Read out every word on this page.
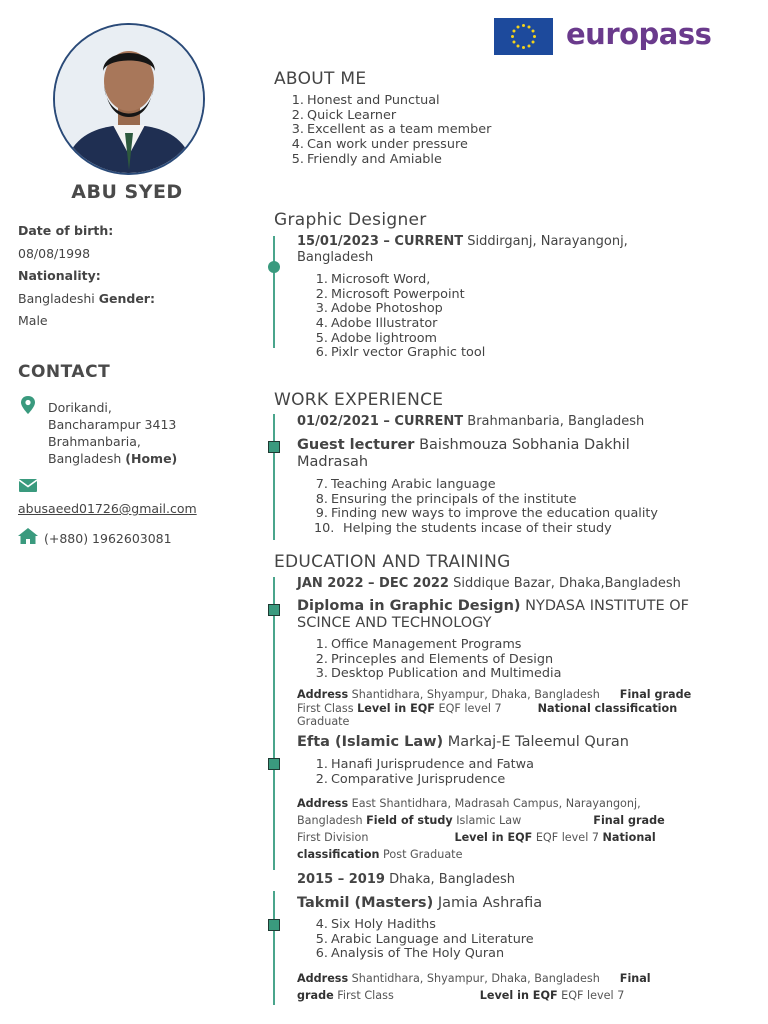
ABU SYED
Date of birth:
08/08/1998
Nationality:
Bangladeshi Gender:
Male
CONTACT
Dorikandi,
Bancharampur 3413
Brahmanbaria,
Bangladesh (Home)
abusaeed01726@gmail.com
(+880) 1962603081
europass
ABOUT ME
1. Honest and Punctual
2. Quick Learner
3. Excellent as a team member
4. Can work under pressure
5. Friendly and Amiable
Graphic Designer
15/01/2023 – CURRENT Siddirganj, Narayangonj,
Bangladesh
1. Microsoft Word,
2. Microsoft Powerpoint
3. Adobe Photoshop
4. Adobe Illustrator
5. Adobe lightroom
6. Pixlr vector Graphic tool
WORK EXPERIENCE
01/02/2021 – CURRENT Brahmanbaria, Bangladesh
Guest lecturer Baishmouza Sobhania Dakhil
Madrasah
7. Teaching Arabic language
8. Ensuring the principals of the institute
9. Finding new ways to improve the education quality
10. Helping the students incase of their study
EDUCATION AND TRAINING
JAN 2022 – DEC 2022 Siddique Bazar, Dhaka,Bangladesh
Diploma in Graphic Design) NYDASA INSTITUTE OF
SCINCE AND TECHNOLOGY
1. Office Management Programs
2. Princeples and Elements of Design
3. Desktop Publication and Multimedia
Address Shantidhara, Shyampur, Dhaka, Bangladesh Final grade
First Class Level in EQF EQF level 7	National classification
Graduate
Efta (Islamic Law) Markaj-E Taleemul Quran
1. Hanafi Jurisprudence and Fatwa
2. Comparative Jurisprudence
Address East Shantidhara, Madrasah Campus, Narayangonj,
Bangladesh Field of study Islamic Law	Final grade
First Division	Level in EQF EQF level 7 National
classification Post Graduate
2015 – 2019 Dhaka, Bangladesh
Takmil (Masters) Jamia Ashrafia
4. Six Holy Hadiths
5. Arabic Language and Literature
6. Analysis of The Holy Quran
Address Shantidhara, Shyampur, Dhaka, Bangladesh Final
grade First Class	Level in EQF EQF level 7
